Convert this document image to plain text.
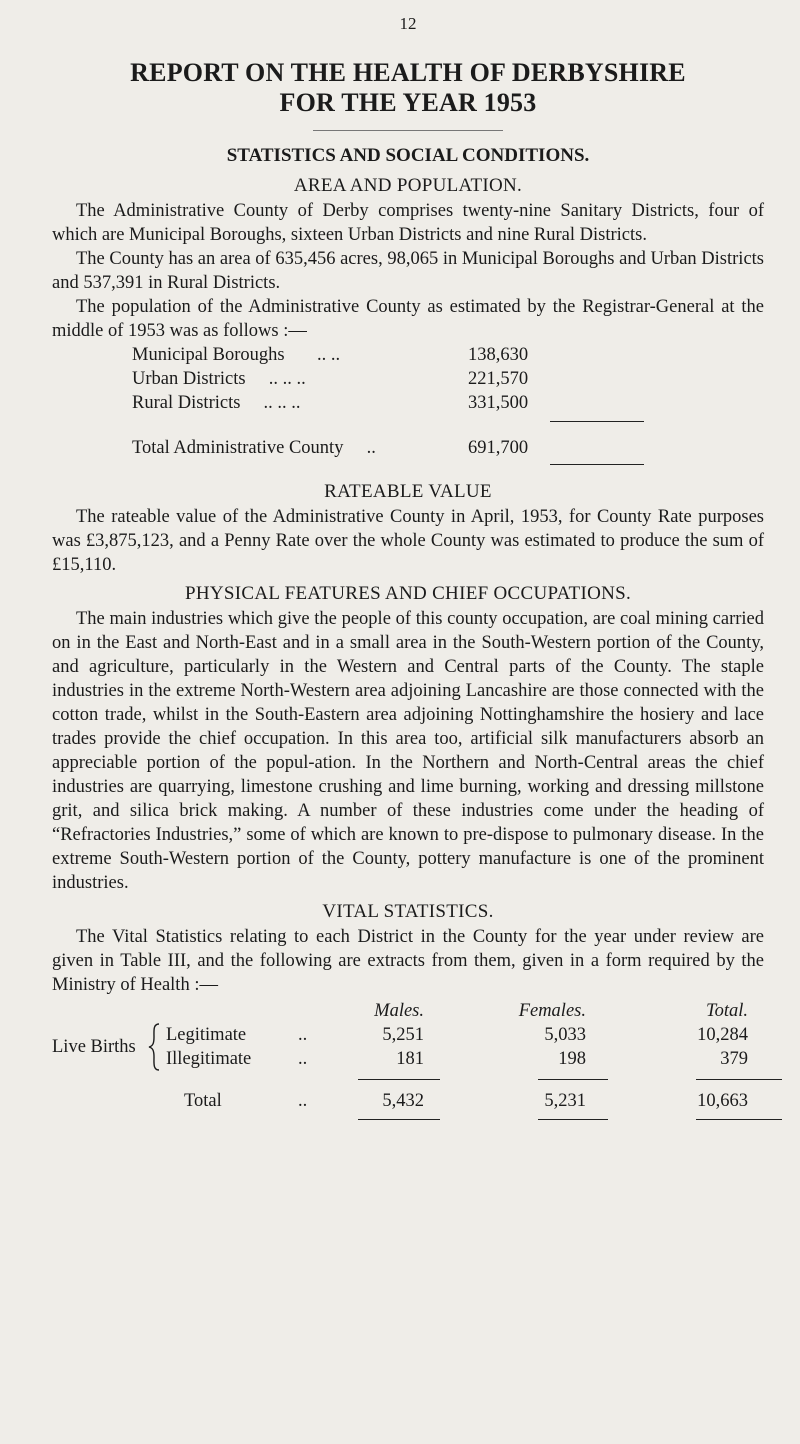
12
REPORT ON THE HEALTH OF DERBYSHIRE
FOR THE YEAR 1953
STATISTICS AND SOCIAL CONDITIONS.
AREA AND POPULATION.

The Administrative County of Derby comprises twenty-nine Sanitary Districts, four of which are Municipal Boroughs, sixteen Urban Districts and nine Rural Districts.

The County has an area of 635,456 acres, 98,065 in Municipal Boroughs and Urban Districts and 537,391 in Rural Districts.

The population of the Administrative County as estimated by the Registrar-General at the middle of 1953 was as follows :—

Municipal Boroughs .. ..	138,630
Urban Districts .. .. ..	221,570
Rural Districts .. .. ..	331,500
Total Administrative County ..	691,700
RATEABLE VALUE

The rateable value of the Administrative County in April, 1953, for County Rate purposes was £3,875,123, and a Penny Rate over the whole County was estimated to produce the sum of £15,110.

PHYSICAL FEATURES AND CHIEF OCCUPATIONS.

The main industries which give the people of this county occupation, are coal mining carried on in the East and North-East and in a small area in the South-Western portion of the County, and agriculture, particularly in the Western and Central parts of the County. The staple industries in the extreme North-Western area adjoining Lancashire are those connected with the cotton trade, whilst in the South-Eastern area adjoining Nottinghamshire the hosiery and lace trades provide the chief occupation. In this area too, artificial silk manufacturers absorb an appreciable portion of the popul-ation. In the Northern and North-Central areas the chief industries are quarrying, limestone crushing and lime burning, working and dressing millstone grit, and silica brick making. A number of these industries come under the heading of “Refractories Industries,” some of which are known to pre-dispose to pulmonary disease. In the extreme South-Western portion of the County, pottery manufacture is one of the prominent industries.

VITAL STATISTICS.

The Vital Statistics relating to each District in the County for the year under review are given in Table III, and the following are extracts from them, given in a form required by the Ministry of Health :—

Males.	Females.	Total.
Live Births
Legitimate	..	5,251	5,033	10,284
Illegitimate	..	181	198	379
Total	..	5,432	5,231	10,663
